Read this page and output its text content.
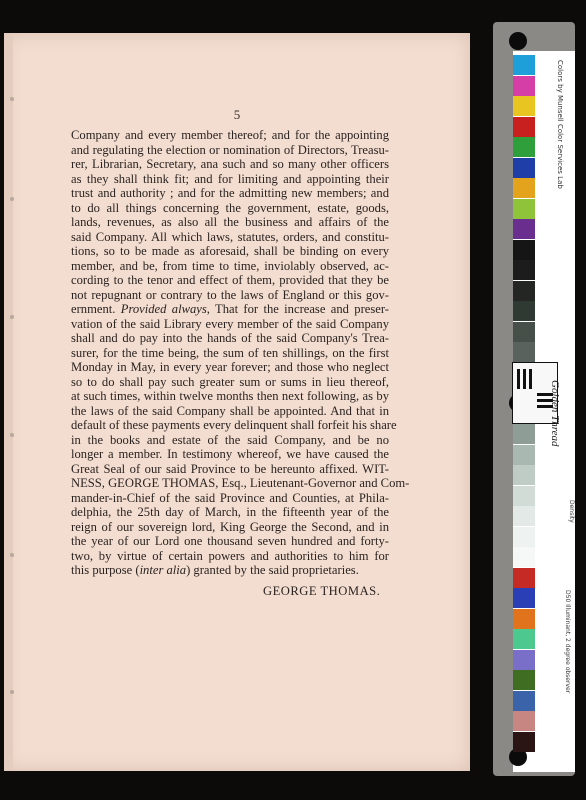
5
Company and every member thereof; and for the appointing
and regulating the election or nomination of Directors, Treasu-
rer, Librarian, Secretary, ana such and so many other officers
as they shall think fit; and for limiting and appointing their
trust and authority ; and for the admitting new members; and
to do all things concerning the government, estate, goods,
lands, revenues, as also all the business and affairs of the
said Company. All which laws, statutes, orders, and constitu-
tions, so to be made as aforesaid, shall be binding on every
member, and be, from time to time, inviolably observed, ac-
cording to the tenor and effect of them, provided that they be
not repugnant or contrary to the laws of England or this gov-
ernment. Provided always, That for the increase and preser-
vation of the said Library every member of the said Company
shall and do pay into the hands of the said Company's Trea-
surer, for the time being, the sum of ten shillings, on the first
Monday in May, in every year forever; and those who neglect
so to do shall pay such greater sum or sums in lieu thereof,
at such times, within twelve months then next following, as by
the laws of the said Company shall be appointed. And that in
default of these payments every delinquent shall forfeit his share
in the books and estate of the said Company, and be no
longer a member. In testimony whereof, we have caused the
Great Seal of our said Province to be hereunto affixed. WIT-
NESS, GEORGE THOMAS, Esq., Lieutenant-Governor and Com-
mander-in-Chief of the said Province and Counties, at Phila-
delphia, the 25th day of March, in the fifteenth year of the
reign of our sovereign lord, King George the Second, and in
the year of our Lord one thousand seven hundred and forty-
two, by virtue of certain powers and authorities to him for
this purpose (inter alia) granted by the said proprietaries.
GEORGE THOMAS.
Colors by Munsell Color Services Lab
Golden Thread
Density
D50 Illuminant, 2 degree observer
